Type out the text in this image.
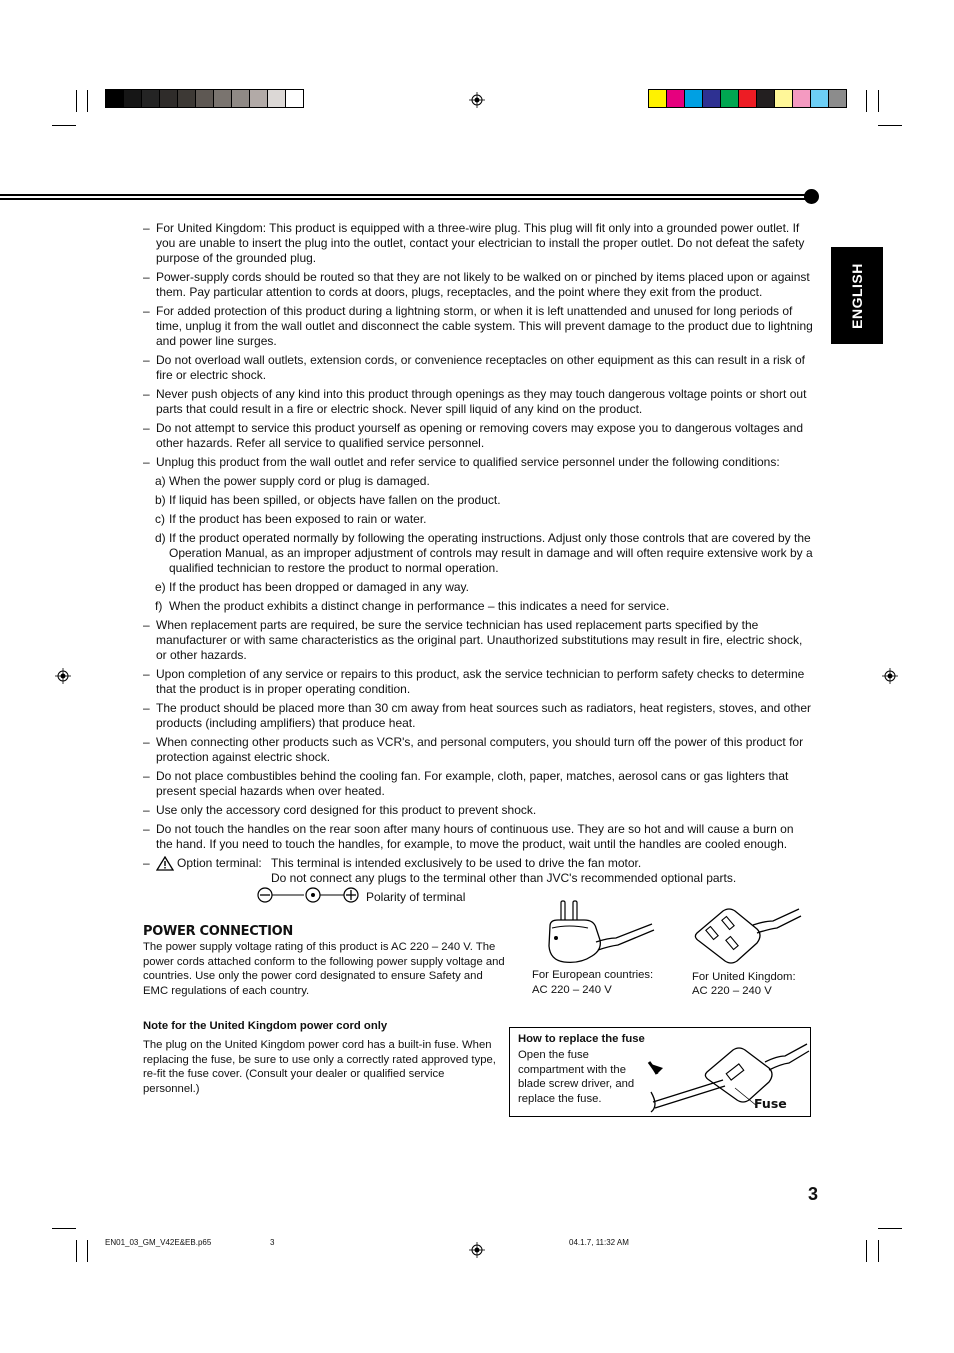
ENGLISH
– For United Kingdom: This product is equipped with a three-wire plug. This plug will fit only into a grounded power outlet. If you are unable to insert the plug into the outlet, contact your electrician to install the proper outlet. Do not defeat the safety purpose of the grounded plug.
– Power-supply cords should be routed so that they are not likely to be walked on or pinched by items placed upon or against them. Pay particular attention to cords at doors, plugs, receptacles, and the point where they exit from the product.
– For added protection of this product during a lightning storm, or when it is left unattended and unused for long periods of time, unplug it from the wall outlet and disconnect the cable system. This will prevent damage to the product due to lightning and power line surges.
– Do not overload wall outlets, extension cords, or convenience receptacles on other equipment as this can result in a risk of fire or electric shock.
– Never push objects of any kind into this product through openings as they may touch dangerous voltage points or short out parts that could result in a fire or electric shock. Never spill liquid of any kind on the product.
– Do not attempt to service this product yourself as opening or removing covers may expose you to dangerous voltages and other hazards. Refer all service to qualified service personnel.
– Unplug this product from the wall outlet and refer service to qualified service personnel under the following conditions:
a) When the power supply cord or plug is damaged.
b) If liquid has been spilled, or objects have fallen on the product.
c) If the product has been exposed to rain or water.
d) If the product operated normally by following the operating instructions. Adjust only those controls that are covered by the Operation Manual, as an improper adjustment of controls may result in damage and will often require extensive work by a qualified technician to restore the product to normal operation.
e) If the product has been dropped or damaged in any way.
f) When the product exhibits a distinct change in performance – this indicates a need for service.
– When replacement parts are required, be sure the service technician has used replacement parts specified by the manufacturer or with same characteristics as the original part. Unauthorized substitutions may result in fire, electric shock, or other hazards.
– Upon completion of any service or repairs to this product, ask the service technician to perform safety checks to determine that the product is in proper operating condition.
– The product should be placed more than 30 cm away from heat sources such as radiators, heat registers, stoves, and other products (including amplifiers) that produce heat.
– When connecting other products such as VCR's, and personal computers, you should turn off the power of this product for protection against electric shock.
– Do not place combustibles behind the cooling fan. For example, cloth, paper, matches, aerosol cans or gas lighters that present special hazards when over heated.
– Use only the accessory cord designed for this product to prevent shock.
– Do not touch the handles on the rear soon after many hours of continuous use. They are so hot and will cause a burn on the hand. If you need to touch the handles, for example, to move the product, wait until the handles are cooled enough.
– Option terminal: This terminal is intended exclusively to be used to drive the fan motor.
Do not connect any plugs to the terminal other than JVC's recommended optional parts.
Polarity of terminal
POWER CONNECTION
The power supply voltage rating of this product is AC 220 – 240 V. The power cords attached conform to the following power supply voltage and countries. Use only the power cord designated to ensure Safety and EMC regulations of each country.
For European countries:
AC 220 – 240 V
For United Kingdom:
AC 220 – 240 V
Note for the United Kingdom power cord only
The plug on the United Kingdom power cord has a built-in fuse. When replacing the fuse, be sure to use only a correctly rated approved type, re-fit the fuse cover. (Consult your dealer or qualified service personnel.)
How to replace the fuse
Open the fuse compartment with the blade screw driver, and replace the fuse.	Fuse
3
EN01_03_GM_V42E&EB.p65	3	04.1.7, 11:32 AM
